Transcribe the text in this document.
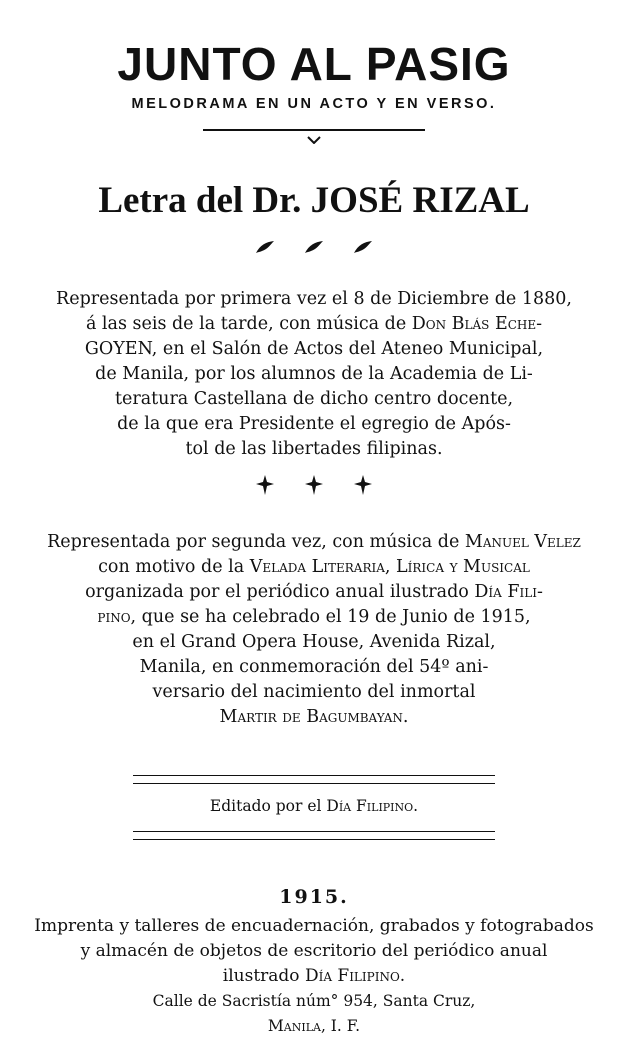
JUNTO AL PASIG
MELODRAMA EN UN ACTO Y EN VERSO.
Letra del Dr. JOSÉ RIZAL

Representada por primera vez el 8 de Diciembre de 1880,
á las seis de la tarde, con música de Don Blás Eche-
GOYEN, en el Salón de Actos del Ateneo Municipal,
de Manila, por los alumnos de la Academia de Li-
teratura Castellana de dicho centro docente,
de la que era Presidente el egregio de Após-
tol de las libertades filipinas.

Representada por segunda vez, con música de Manuel Velez
con motivo de la Velada Literaria, Lírica y Musical
organizada por el periódico anual ilustrado Día Fili-
pino, que se ha celebrado el 19 de Junio de 1915,
en el Grand Opera House, Avenida Rizal,
Manila, en conmemoración del 54º ani-
versario del nacimiento del inmortal
Martir de Bagumbayan.
Editado por el Día Filipino.
1915.
Imprenta y talleres de encuadernación, grabados y fotograbados
y almacén de objetos de escritorio del periódico anual
ilustrado Día Filipino.
Calle de Sacristía núm° 954, Santa Cruz,
Manila, I. F.
